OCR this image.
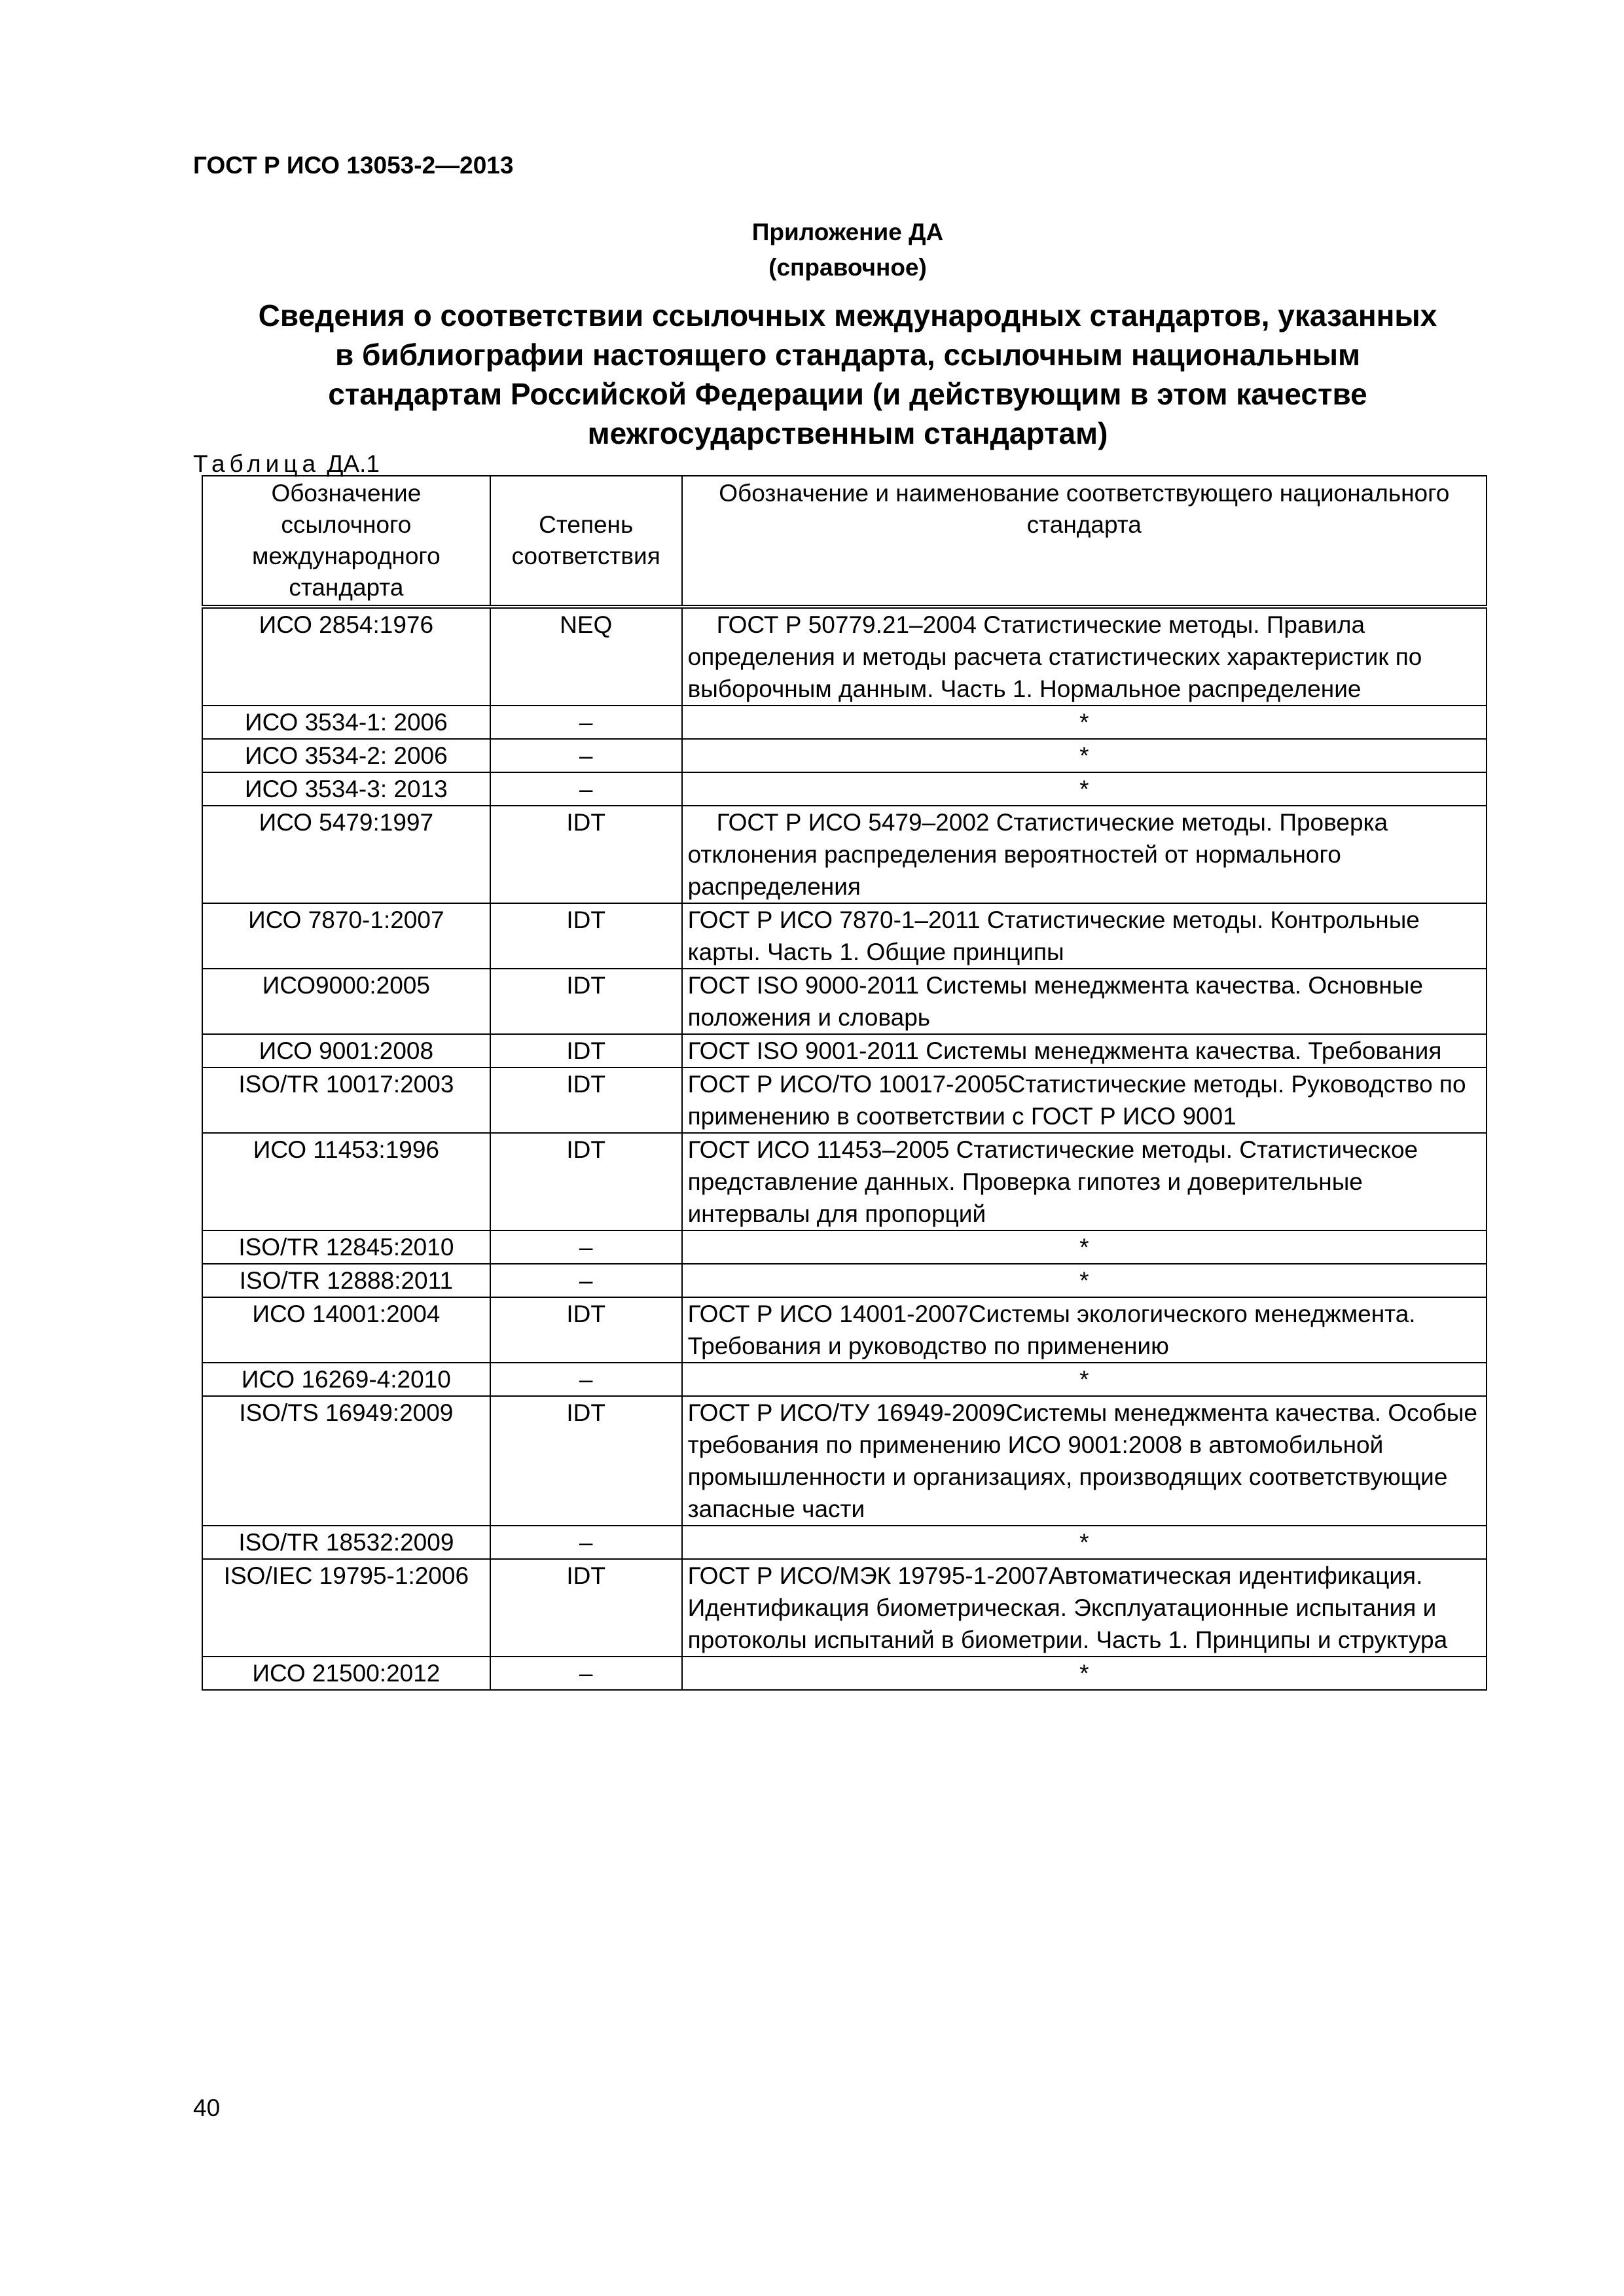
ГОСТ Р ИСО 13053-2—2013
Приложение ДА
(справочное)
Сведения о соответствии ссылочных международных стандартов, указанных
в библиографии настоящего стандарта, ссылочным национальным
стандартам Российской Федерации (и действующим в этом качестве
межгосударственным стандартам)
Таблица ДА.1
Обозначение ссылочного международного стандарта	Степень соответствия	Обозначение и наименование соответствующего национального стандарта
ИСО 2854:1976	NEQ	ГОСТ Р 50779.21–2004 Статистические методы. Правила определения и методы расчета статистических характеристик по выборочным данным. Часть 1. Нормальное распределение
ИСО 3534-1: 2006	–	*
ИСО 3534-2: 2006	–	*
ИСО 3534-3: 2013	–	*
ИСО 5479:1997	IDT	ГОСТ Р ИСО 5479–2002 Статистические методы. Проверка отклонения распределения вероятностей от нормального распределения
ИСО 7870-1:2007	IDT	ГОСТ Р ИСО 7870-1–2011 Статистические методы. Контрольные карты. Часть 1. Общие принципы
ИСО9000:2005	IDT	ГОСТ ISO 9000-2011 Системы менеджмента качества. Основные положения и словарь
ИСО 9001:2008	IDT	ГОСТ ISO 9001-2011 Системы менеджмента качества. Требования
ISO/TR 10017:2003	IDT	ГОСТ Р ИСО/ТО 10017-2005Статистические методы. Руководство по применению в соответствии с ГОСТ Р ИСО 9001
ИСО 11453:1996	IDT	ГОСТ ИСО 11453–2005 Статистические методы. Статистическое представление данных. Проверка гипотез и доверительные интервалы для пропорций
ISO/TR 12845:2010	–	*
ISO/TR 12888:2011	–	*
ИСО 14001:2004	IDT	ГОСТ Р ИСО 14001-2007Системы экологического менеджмента. Требования и руководство по применению
ИСО 16269-4:2010	–	*
ISO/TS 16949:2009	IDT	ГОСТ Р ИСО/ТУ 16949-2009Системы менеджмента качества. Особые требования по применению ИСО 9001:2008 в автомобильной промышленности и организациях, производящих соответствующие запасные части
ISO/TR 18532:2009	–	*
ISO/IEC 19795-1:2006	IDT	ГОСТ Р ИСО/МЭК 19795-1-2007Автоматическая идентификация. Идентификация биометрическая. Эксплуатационные испытания и протоколы испытаний в биометрии. Часть 1. Принципы и структура
ИСО 21500:2012	–	*
40
